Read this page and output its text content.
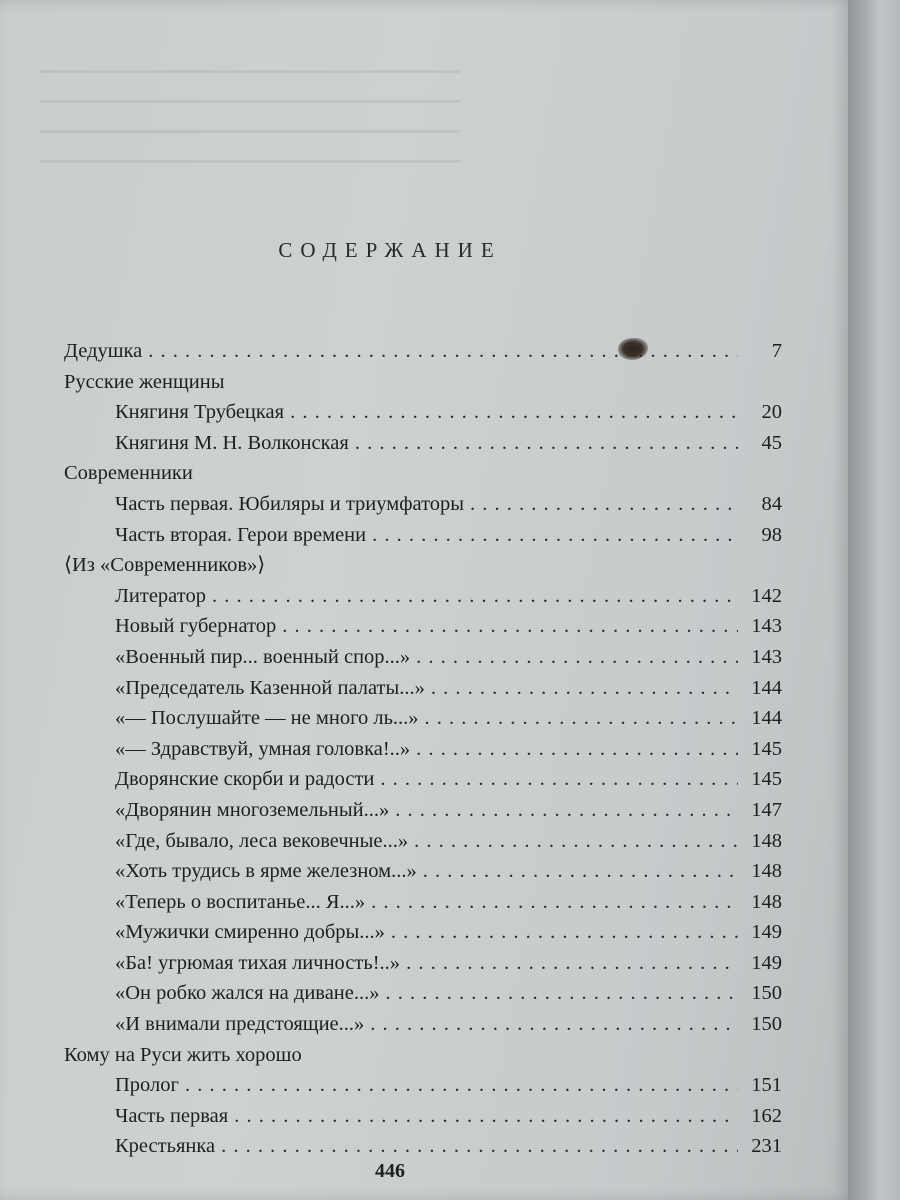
СОДЕРЖАНИЕ
Дедушка . . .	7
Русские женщины
Княгиня Трубецкая . . .	20
Княгиня М. Н. Волконская . . .	45
Современники
Часть первая. Юбиляры и триумфаторы . . .	84
Часть вторая. Герои времени . . .	98
⟨Из «Современников»⟩
Литератор . . .	142
Новый губернатор . . .	143
«Военный пир... военный спор...» . . .	143
«Председатель Казенной палаты...» . . .	144
«— Послушайте — не много ль...» . . .	144
«— Здравствуй, умная головка!..» . . .	145
Дворянские скорби и радости . . .	145
«Дворянин многоземельный...» . . .	147
«Где, бывало, леса вековечные...» . . .	148
«Хоть трудись в ярме железном...» . . .	148
«Теперь о воспитанье... Я...» . . .	148
«Мужички смиренно добры...» . . .	149
«Ба! угрюмая тихая личность!..» . . .	149
«Он робко жался на диване...» . . .	150
«И внимали предстоящие...» . . .	150
Кому на Руси жить хорошо
Пролог . . .	151
Часть первая . . .	162
Крестьянка . . .	231
446
